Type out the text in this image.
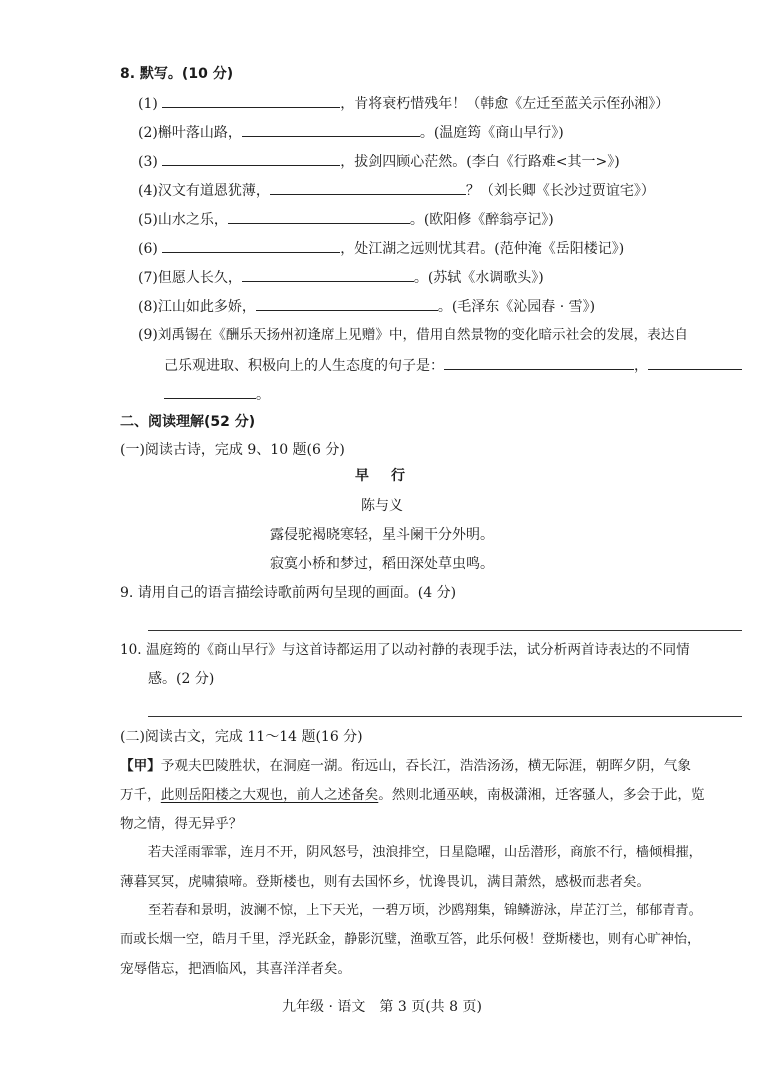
8. 默写。(10 分)
(1)	，肯将衰朽惜残年！（韩愈《左迁至蓝关示侄孙湘》）
(2)槲叶落山路，	。(温庭筠《商山早行》)
(3)	，拔剑四顾心茫然。(李白《行路难<其一>》)
(4)汉文有道恩犹薄，	？（刘长卿《长沙过贾谊宅》）
(5)山水之乐，	。(欧阳修《醉翁亭记》)
(6)	，处江湖之远则忧其君。(范仲淹《岳阳楼记》)
(7)但愿人长久，	。(苏轼《水调歌头》)
(8)江山如此多娇，	。(毛泽东《沁园春 · 雪》)
(9)刘禹锡在《酬乐天扬州初逢席上见赠》中，借用自然景物的变化暗示社会的发展，表达自
己乐观进取、积极向上的人生态度的句子是：	，
。
二、阅读理解(52 分)
(一)阅读古诗，完成 9、10 题(6 分)
早　行
陈与义
露侵驼褐晓寒轻，星斗阑干分外明。
寂寞小桥和梦过，稻田深处草虫鸣。
9. 请用自己的语言描绘诗歌前两句呈现的画面。(4 分)
10. 温庭筠的《商山早行》与这首诗都运用了以动衬静的表现手法，试分析两首诗表达的不同情
感。(2 分)
(二)阅读古文，完成 11～14 题(16 分)
【甲】予观夫巴陵胜状，在洞庭一湖。衔远山，吞长江，浩浩汤汤，横无际涯，朝晖夕阴，气象
万千，此则岳阳楼之大观也，前人之述备矣。然则北通巫峡，南极潇湘，迁客骚人，多会于此，览
物之情，得无异乎？
若夫淫雨霏霏，连月不开，阴风怒号，浊浪排空，日星隐曜，山岳潜形，商旅不行，樯倾楫摧，
薄暮冥冥，虎啸猿啼。登斯楼也，则有去国怀乡，忧谗畏讥，满目萧然，感极而悲者矣。
至若春和景明，波澜不惊，上下天光，一碧万顷，沙鸥翔集，锦鳞游泳，岸芷汀兰，郁郁青青。
而或长烟一空，皓月千里，浮光跃金，静影沉璧，渔歌互答，此乐何极！登斯楼也，则有心旷神怡，
宠辱偕忘，把酒临风，其喜洋洋者矣。
九年级 · 语文　第 3 页(共 8 页)
